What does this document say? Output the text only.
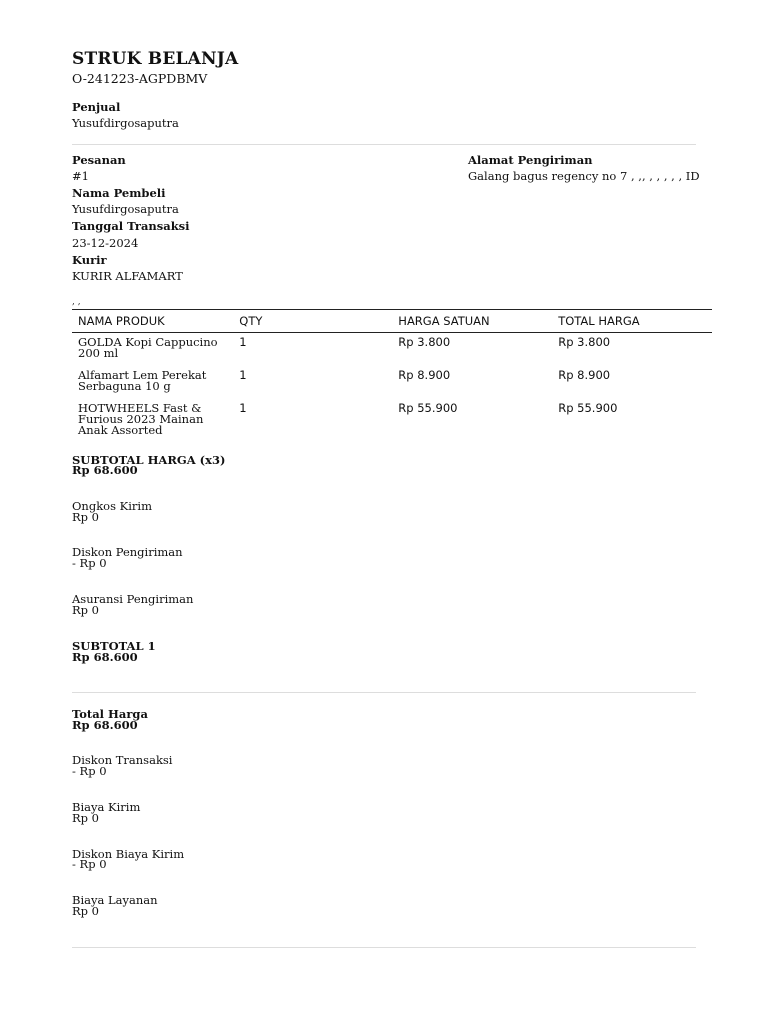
STRUK BELANJA
O-241223-AGPDBMV
Penjual
Yusufdirgosaputra
Pesanan
#1
Nama Pembeli
Yusufdirgosaputra
Tanggal Transaksi
23-12-2024
Kurir
KURIR ALFAMART
Alamat Pengiriman
Galang bagus regency no 7 , ,, , , , , , ID
, ,
NAMA PRODUK	QTY	HARGA SATUAN	TOTAL HARGA

GOLDA Kopi Cappucino
200 ml	1	Rp 3.800	Rp 3.800

Alfamart Lem Perekat
Serbaguna 10 g	1	Rp 8.900	Rp 8.900

HOTWHEELS Fast &
Furious 2023 Mainan
Anak Assorted	1	Rp 55.900	Rp 55.900
SUBTOTAL HARGA (x3)
Rp 68.600
Ongkos Kirim
Rp 0
Diskon Pengiriman
- Rp 0
Asuransi Pengiriman
Rp 0
SUBTOTAL 1
Rp 68.600
Total Harga
Rp 68.600
Diskon Transaksi
- Rp 0
Biaya Kirim
Rp 0
Diskon Biaya Kirim
- Rp 0
Biaya Layanan
Rp 0
